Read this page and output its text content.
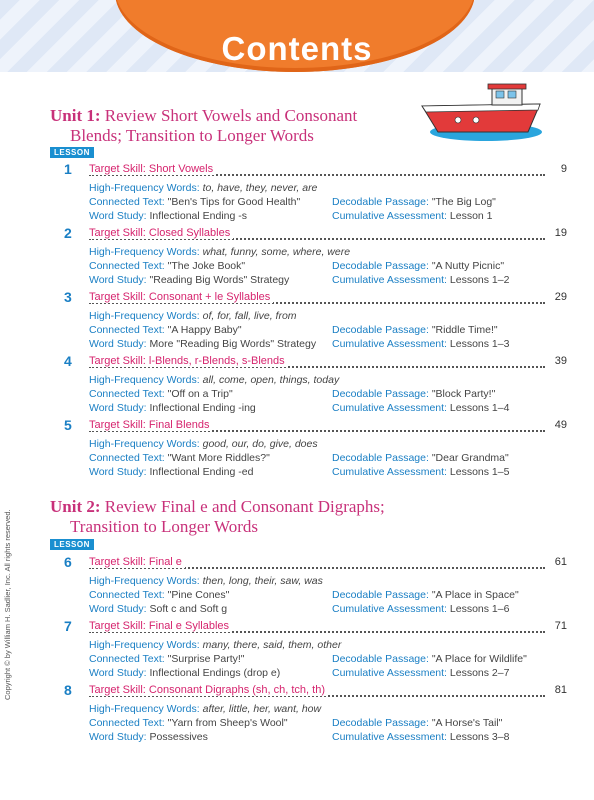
Contents
Copyright © by William H. Sadlier, Inc. All rights reserved.
Unit 1: Review Short Vowels and Consonant
Blends; Transition to Longer Words
LESSON
1 Target Skill: Short Vowels	9
High-Frequency Words: to, have, they, never, are
Connected Text: "Ben's Tips for Good Health"	Decodable Passage: "The Big Log"
Word Study: Inflectional Ending -s	Cumulative Assessment: Lesson 1
2 Target Skill: Closed Syllables	19
High-Frequency Words: what, funny, some, where, were
Connected Text: "The Joke Book"	Decodable Passage: "A Nutty Picnic"
Word Study: "Reading Big Words" Strategy	Cumulative Assessment: Lessons 1–2
3 Target Skill: Consonant + le Syllables	29
High-Frequency Words: of, for, fall, live, from
Connected Text: "A Happy Baby"	Decodable Passage: "Riddle Time!"
Word Study: More "Reading Big Words" Strategy Cumulative Assessment: Lessons 1–3
4 Target Skill: l-Blends, r-Blends, s-Blends	39
High-Frequency Words: all, come, open, things, today
Connected Text: "Off on a Trip"	Decodable Passage: "Block Party!"
Word Study: Inflectional Ending -ing	Cumulative Assessment: Lessons 1–4
5 Target Skill: Final Blends	49
High-Frequency Words: good, our, do, give, does
Connected Text: "Want More Riddles?"	Decodable Passage: "Dear Grandma"
Word Study: Inflectional Ending -ed	Cumulative Assessment: Lessons 1–5
Unit 2: Review Final e and Consonant Digraphs;
Transition to Longer Words
LESSON
6 Target Skill: Final e	61
High-Frequency Words: then, long, their, saw, was
Connected Text: "Pine Cones"	Decodable Passage: "A Place in Space"
Word Study: Soft c and Soft g	Cumulative Assessment: Lessons 1–6
7 Target Skill: Final e Syllables	71
High-Frequency Words: many, there, said, them, other
Connected Text: "Surprise Party!"	Decodable Passage: "A Place for Wildlife"
Word Study: Inflectional Endings (drop e)	Cumulative Assessment: Lessons 2–7
8 Target Skill: Consonant Digraphs (sh, ch, tch, th)	81
High-Frequency Words: after, little, her, want, how
Connected Text: "Yarn from Sheep's Wool"	Decodable Passage: "A Horse's Tail"
Word Study: Possessives	Cumulative Assessment: Lessons 3–8
